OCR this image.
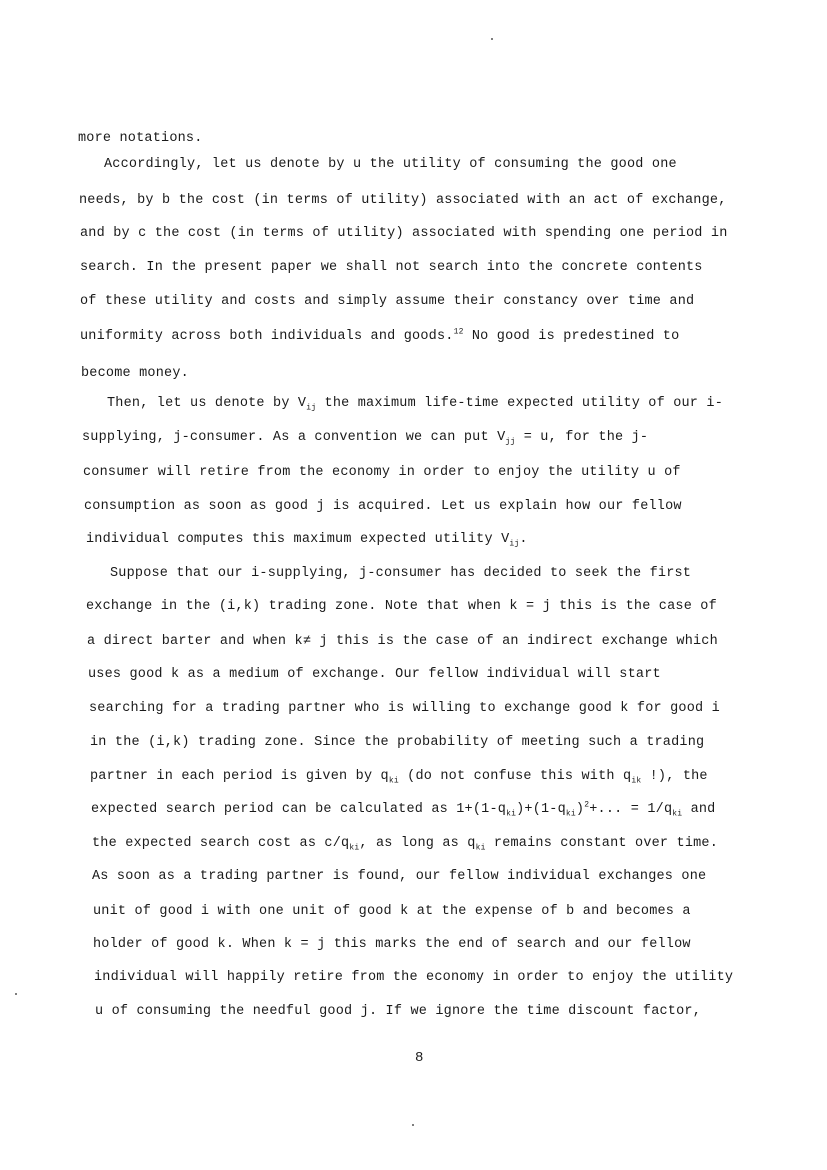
more notations.
Accordingly, let us denote by u the utility of consuming the good one
needs, by b the cost (in terms of utility) associated with an act of exchange,
and by c the cost (in terms of utility) associated with spending one period in
search. In the present paper we shall not search into the concrete contents
of these utility and costs and simply assume their constancy over time and
uniformity across both individuals and goods.$^{12}$ No good is predestined to
become money.
Then, let us denote by $V_{ij}$ the maximum life-time expected utility of our i-
supplying, j-consumer. As a convention we can put $V_{jj} = u$, for the j-
consumer will retire from the economy in order to enjoy the utility u of
consumption as soon as good j is acquired. Let us explain how our fellow
individual computes this maximum expected utility $V_{ij}$.
Suppose that our i-supplying, j-consumer has decided to seek the first
exchange in the (i,k) trading zone. Note that when k = j this is the case of
a direct barter and when k≠ j this is the case of an indirect exchange which
uses good k as a medium of exchange. Our fellow individual will start
searching for a trading partner who is willing to exchange good k for good i
in the (i,k) trading zone. Since the probability of meeting such a trading
partner in each period is given by $q_{ki}$ (do not confuse this with $q_{ik}$ !), the
expected search period can be calculated as $1+(1-q_{ki})+(1-q_{ki})^2+$... = $1/q_{ki}$ and
the expected search cost as $c/q_{ki}$, as long as $q_{ki}$ remains constant over time.
As soon as a trading partner is found, our fellow individual exchanges one
unit of good i with one unit of good k at the expense of b and becomes a
holder of good k. When k = j this marks the end of search and our fellow
individual will happily retire from the economy in order to enjoy the utility
u of consuming the needful good j. If we ignore the time discount factor,
8
